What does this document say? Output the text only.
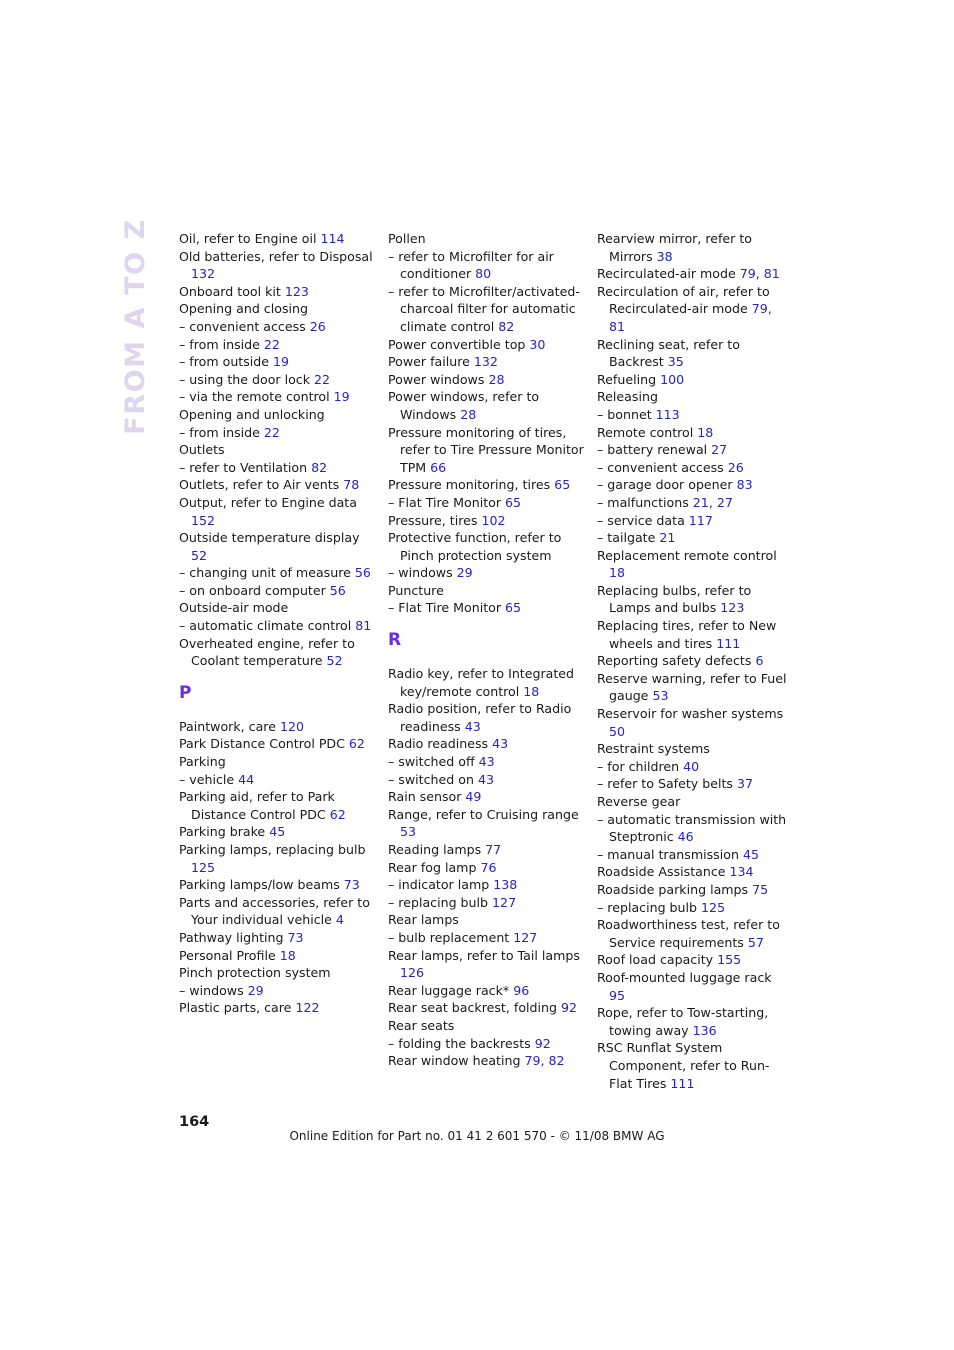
FROM A TO Z Oil, refer to Engine oil 114
Old batteries, refer to Disposal 132
Onboard tool kit 123
Opening and closing
– convenient access 26
– from inside 22
– from outside 19
– using the door lock 22
– via the remote control 19
Opening and unlocking
– from inside 22
Outlets
– refer to Ventilation 82
Outlets, refer to Air vents 78
Output, refer to Engine data 152
Outside temperature display 52
– changing unit of measure 56
– on onboard computer 56
Outside-air mode
– automatic climate control 81
Overheated engine, refer to Coolant temperature 52
P
Paintwork, care 120
Park Distance Control PDC 62
Parking
– vehicle 44
Parking aid, refer to Park Distance Control PDC 62
Parking brake 45
Parking lamps, replacing bulb 125
Parking lamps/low beams 73
Parts and accessories, refer to Your individual vehicle 4
Pathway lighting 73
Personal Profile 18
Pinch protection system
– windows 29
Plastic parts, care 122
Pollen
– refer to Microfilter for air conditioner 80
– refer to Microfilter/activated-charcoal filter for automatic climate control 82
Power convertible top 30
Power failure 132
Power windows 28
Power windows, refer to Windows 28
Pressure monitoring of tires, refer to Tire Pressure Monitor TPM 66
Pressure monitoring, tires 65
– Flat Tire Monitor 65
Pressure, tires 102
Protective function, refer to Pinch protection system
– windows 29
Puncture
– Flat Tire Monitor 65
R
Radio key, refer to Integrated key/remote control 18
Radio position, refer to Radio readiness 43
Radio readiness 43
– switched off 43
– switched on 43
Rain sensor 49
Range, refer to Cruising range 53
Reading lamps 77
Rear fog lamp 76
– indicator lamp 138
– replacing bulb 127
Rear lamps
– bulb replacement 127
Rear lamps, refer to Tail lamps 126
Rear luggage rack* 96
Rear seat backrest, folding 92
Rear seats
– folding the backrests 92
Rear window heating 79, 82
Rearview mirror, refer to Mirrors 38
Recirculated-air mode 79, 81
Recirculation of air, refer to Recirculated-air mode 79, 81
Reclining seat, refer to Backrest 35
Refueling 100
Releasing
– bonnet 113
Remote control 18
– battery renewal 27
– convenient access 26
– garage door opener 83
– malfunctions 21, 27
– service data 117
– tailgate 21
Replacement remote control 18
Replacing bulbs, refer to Lamps and bulbs 123
Replacing tires, refer to New wheels and tires 111
Reporting safety defects 6
Reserve warning, refer to Fuel gauge 53
Reservoir for washer systems 50
Restraint systems
– for children 40
– refer to Safety belts 37
Reverse gear
– automatic transmission with Steptronic 46
– manual transmission 45
Roadside Assistance 134
Roadside parking lamps 75
– replacing bulb 125
Roadworthiness test, refer to Service requirements 57
Roof load capacity 155
Roof-mounted luggage rack 95
Rope, refer to Tow-starting, towing away 136
RSC Runflat System Component, refer to Run-Flat Tires 111
164
Online Edition for Part no. 01 41 2 601 570 - © 11/08 BMW AG
